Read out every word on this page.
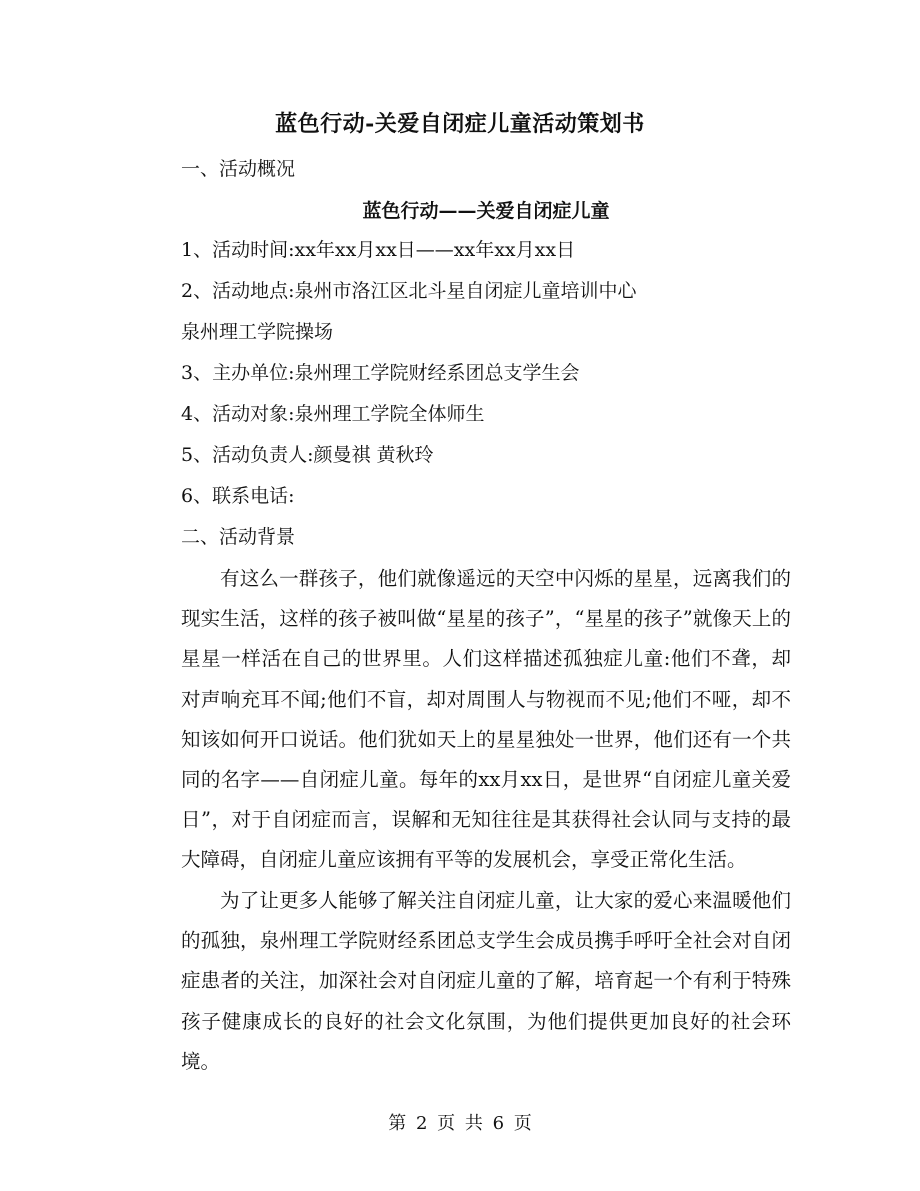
蓝色行动-关爱自闭症儿童活动策划书
一、活动概况
蓝色行动——关爱自闭症儿童
1、活动时间:xx年xx月xx日——xx年xx月xx日
2、活动地点:泉州市洛江区北斗星自闭症儿童培训中心
泉州理工学院操场
3、主办单位:泉州理工学院财经系团总支学生会
4、活动对象:泉州理工学院全体师生
5、活动负责人:颜曼祺 黄秋玲
6、联系电话:
二、活动背景

有这么一群孩子，他们就像遥远的天空中闪烁的星星，远离我们的现实生活，这样的孩子被叫做“星星的孩子”，“星星的孩子”就像天上的星星一样活在自己的世界里。人们这样描述孤独症儿童:他们不聋，却对声响充耳不闻;他们不盲，却对周围人与物视而不见;他们不哑，却不知该如何开口说话。他们犹如天上的星星独处一世界，他们还有一个共同的名字——自闭症儿童。每年的xx月xx日，是世界“自闭症儿童关爱日”，对于自闭症而言，误解和无知往往是其获得社会认同与支持的最大障碍，自闭症儿童应该拥有平等的发展机会，享受正常化生活。

为了让更多人能够了解关注自闭症儿童，让大家的爱心来温暖他们的孤独，泉州理工学院财经系团总支学生会成员携手呼吁全社会对自闭症患者的关注，加深社会对自闭症儿童的了解，培育起一个有利于特殊孩子健康成长的良好的社会文化氛围，为他们提供更加良好的社会环境。

第 2 页 共 6 页
